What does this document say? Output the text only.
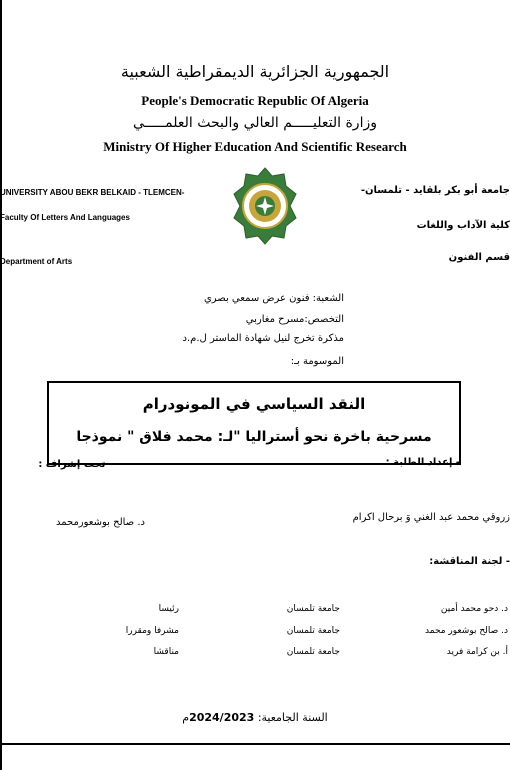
الجمهورية الجزائرية الديمقراطية الشعبية
People's Democratic Republic Of Algeria
وزارة التعليـــــم العالي والبحث العلمـــــي
Ministry Of Higher Education And Scientific Research
UNIVERSITY ABOU BEKR BELKAID - TLEMCEN-
Faculty Of Letters And Languages
Department of Arts
جامعة أبو بكر بلقايد - تلمسان-
كلية الآداب واللغات
قسم الفنون
الشعبة: فنون عرض سمعي بصري
التخصص:مسرح مغاربي
مذكرة تخرج لنيل شهادة الماستر ل.م.د
الموسومة بـ:
النقد السياسي في المونودرام
مسرحية باخرة نحو أستراليا "لـ: محمد فلاق " نموذجا
- إعداد الطلبة :
زروقي محمد عبد الغني وَ برحال اكرام
- تحت إشراف :
د. صالح بوشعورمحمد
- لجنة المناقشة:
د. دحو محمد أمين
جامعة تلمسان
رئيسا
د. صالح بوشعور محمد
جامعة تلمسان
مشرفا ومقررا
أ. بن كرامة فريد
جامعة تلمسان
مناقشا
السنة الجامعية: 2024/2023م
